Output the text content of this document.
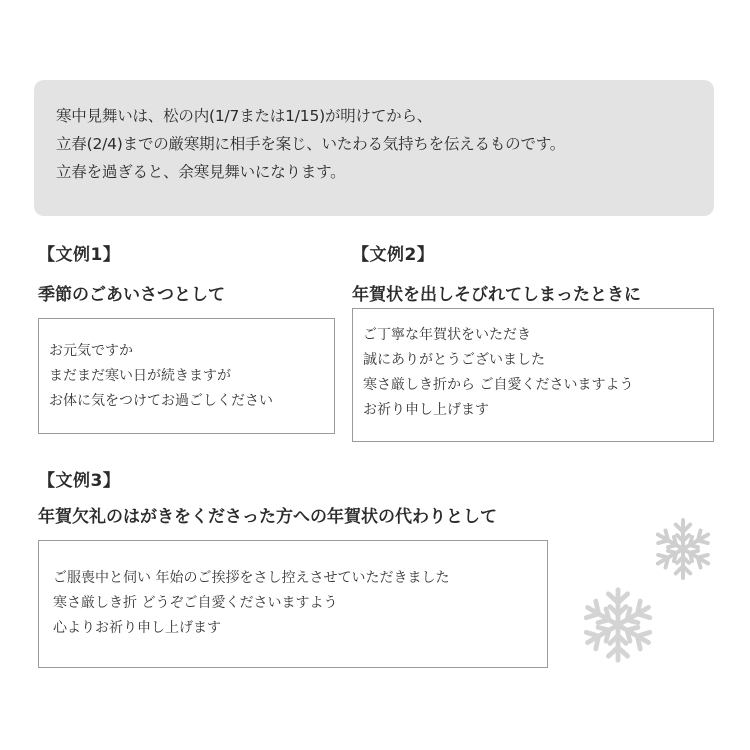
寒中見舞いは、松の内(1/7または1/15)が明けてから、

立春(2/4)までの厳寒期に相手を案じ、いたわる気持ちを伝えるものです。

立春を過ぎると、余寒見舞いになります。

【文例1】
季節のごあいさつとして

お元気ですか

まだまだ寒い日が続きますが

お体に気をつけてお過ごしください

【文例2】
年賀状を出しそびれてしまったときに

ご丁寧な年賀状をいただき

誠にありがとうございました

寒さ厳しき折から ご自愛くださいますよう

お祈り申し上げます

【文例3】
年賀欠礼のはがきをくださった方への年賀状の代わりとして

ご服喪中と伺い 年始のご挨拶をさし控えさせていただきました

寒さ厳しき折 どうぞご自愛くださいますよう

心よりお祈り申し上げます
